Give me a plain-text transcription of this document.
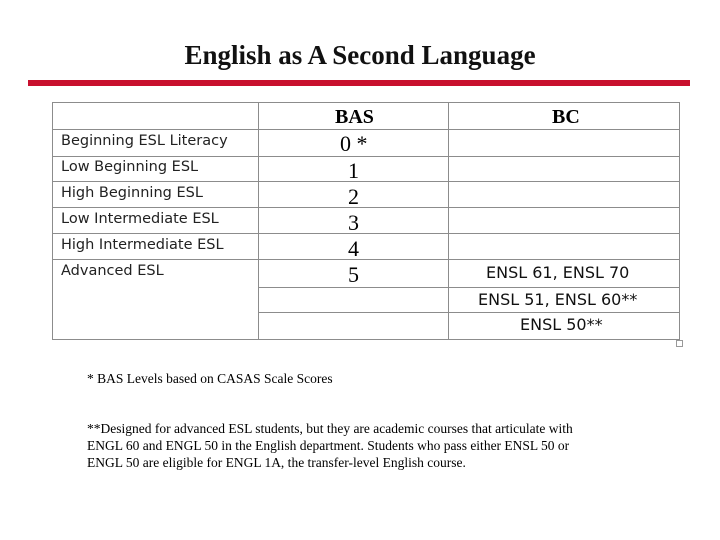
English as A Second Language
BAS	BC
Beginning ESL Literacy
Low Beginning ESL
High Beginning ESL
Low Intermediate ESL
High Intermediate ESL
Advanced ESL
0 *
1
2
3
4
5	ENSL 61, ENSL 70
ENSL 51, ENSL 60**
ENSL 50**
* BAS Levels based on CASAS Scale Scores
**Designed for advanced ESL students, but they are academic courses that articulate with
ENGL 60 and ENGL 50 in the English department. Students who pass either ENSL 50 or
ENGL 50 are eligible for ENGL 1A, the transfer-level English course.
